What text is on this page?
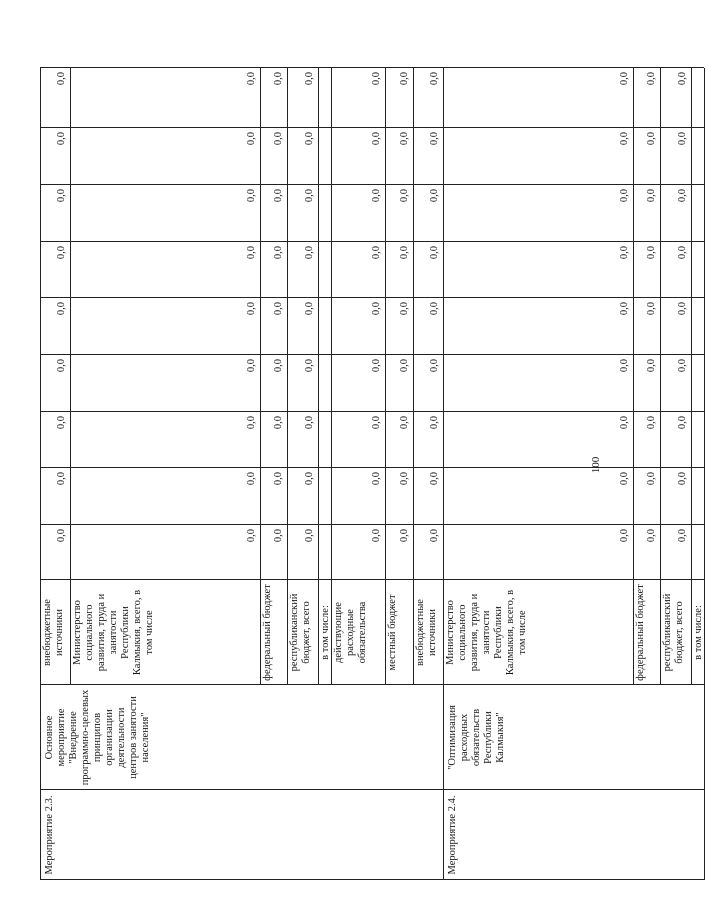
внебюджетные источники
0,0
0,0
0,0
0,0
0,0
0,0
0,0
0,0
0,0
Министерство социального развития, труда и занятости Республики Калмыкия, всего, в том числе
0,0
0,0
0,0
0,0
0,0
0,0
0,0
0,0
0,0
федеральный бюджет
0,0
0,0
0,0
0,0
0,0
0,0
0,0
0,0
0,0
республиканский бюджет, всего
0,0
0,0
0,0
0,0
0,0
0,0
0,0
0,0
0,0
в том числе: действующие расходные обязательства
0,0
0,0
0,0
0,0
0,0
0,0
0,0
0,0
0,0
местный бюджет
0,0
0,0
0,0
0,0
0,0
0,0
0,0
0,0
0,0
внебюджетные источники
0,0
0,0
0,0
0,0
0,0
0,0
0,0
0,0
0,0
Мероприятие 2.3.
Основное мероприятие "Внедрение программно-целевых принципов организации деятельности центров занятости населения"
Министерство социального развития, труда и занятости Республики Калмыкия, всего, в том числе
0,0
0,0
0,0
0,0
0,0
0,0
0,0
0,0
0,0
федеральный бюджет
0,0
0,0
0,0
0,0
0,0
0,0
0,0
0,0
0,0
республиканский бюджет, всего
0,0
0,0
0,0
0,0
0,0
0,0
0,0
0,0
0,0
в том числе:
Мероприятие 2.4.
"Оптимизация расходных обязательств Республики Калмыкия"
100
